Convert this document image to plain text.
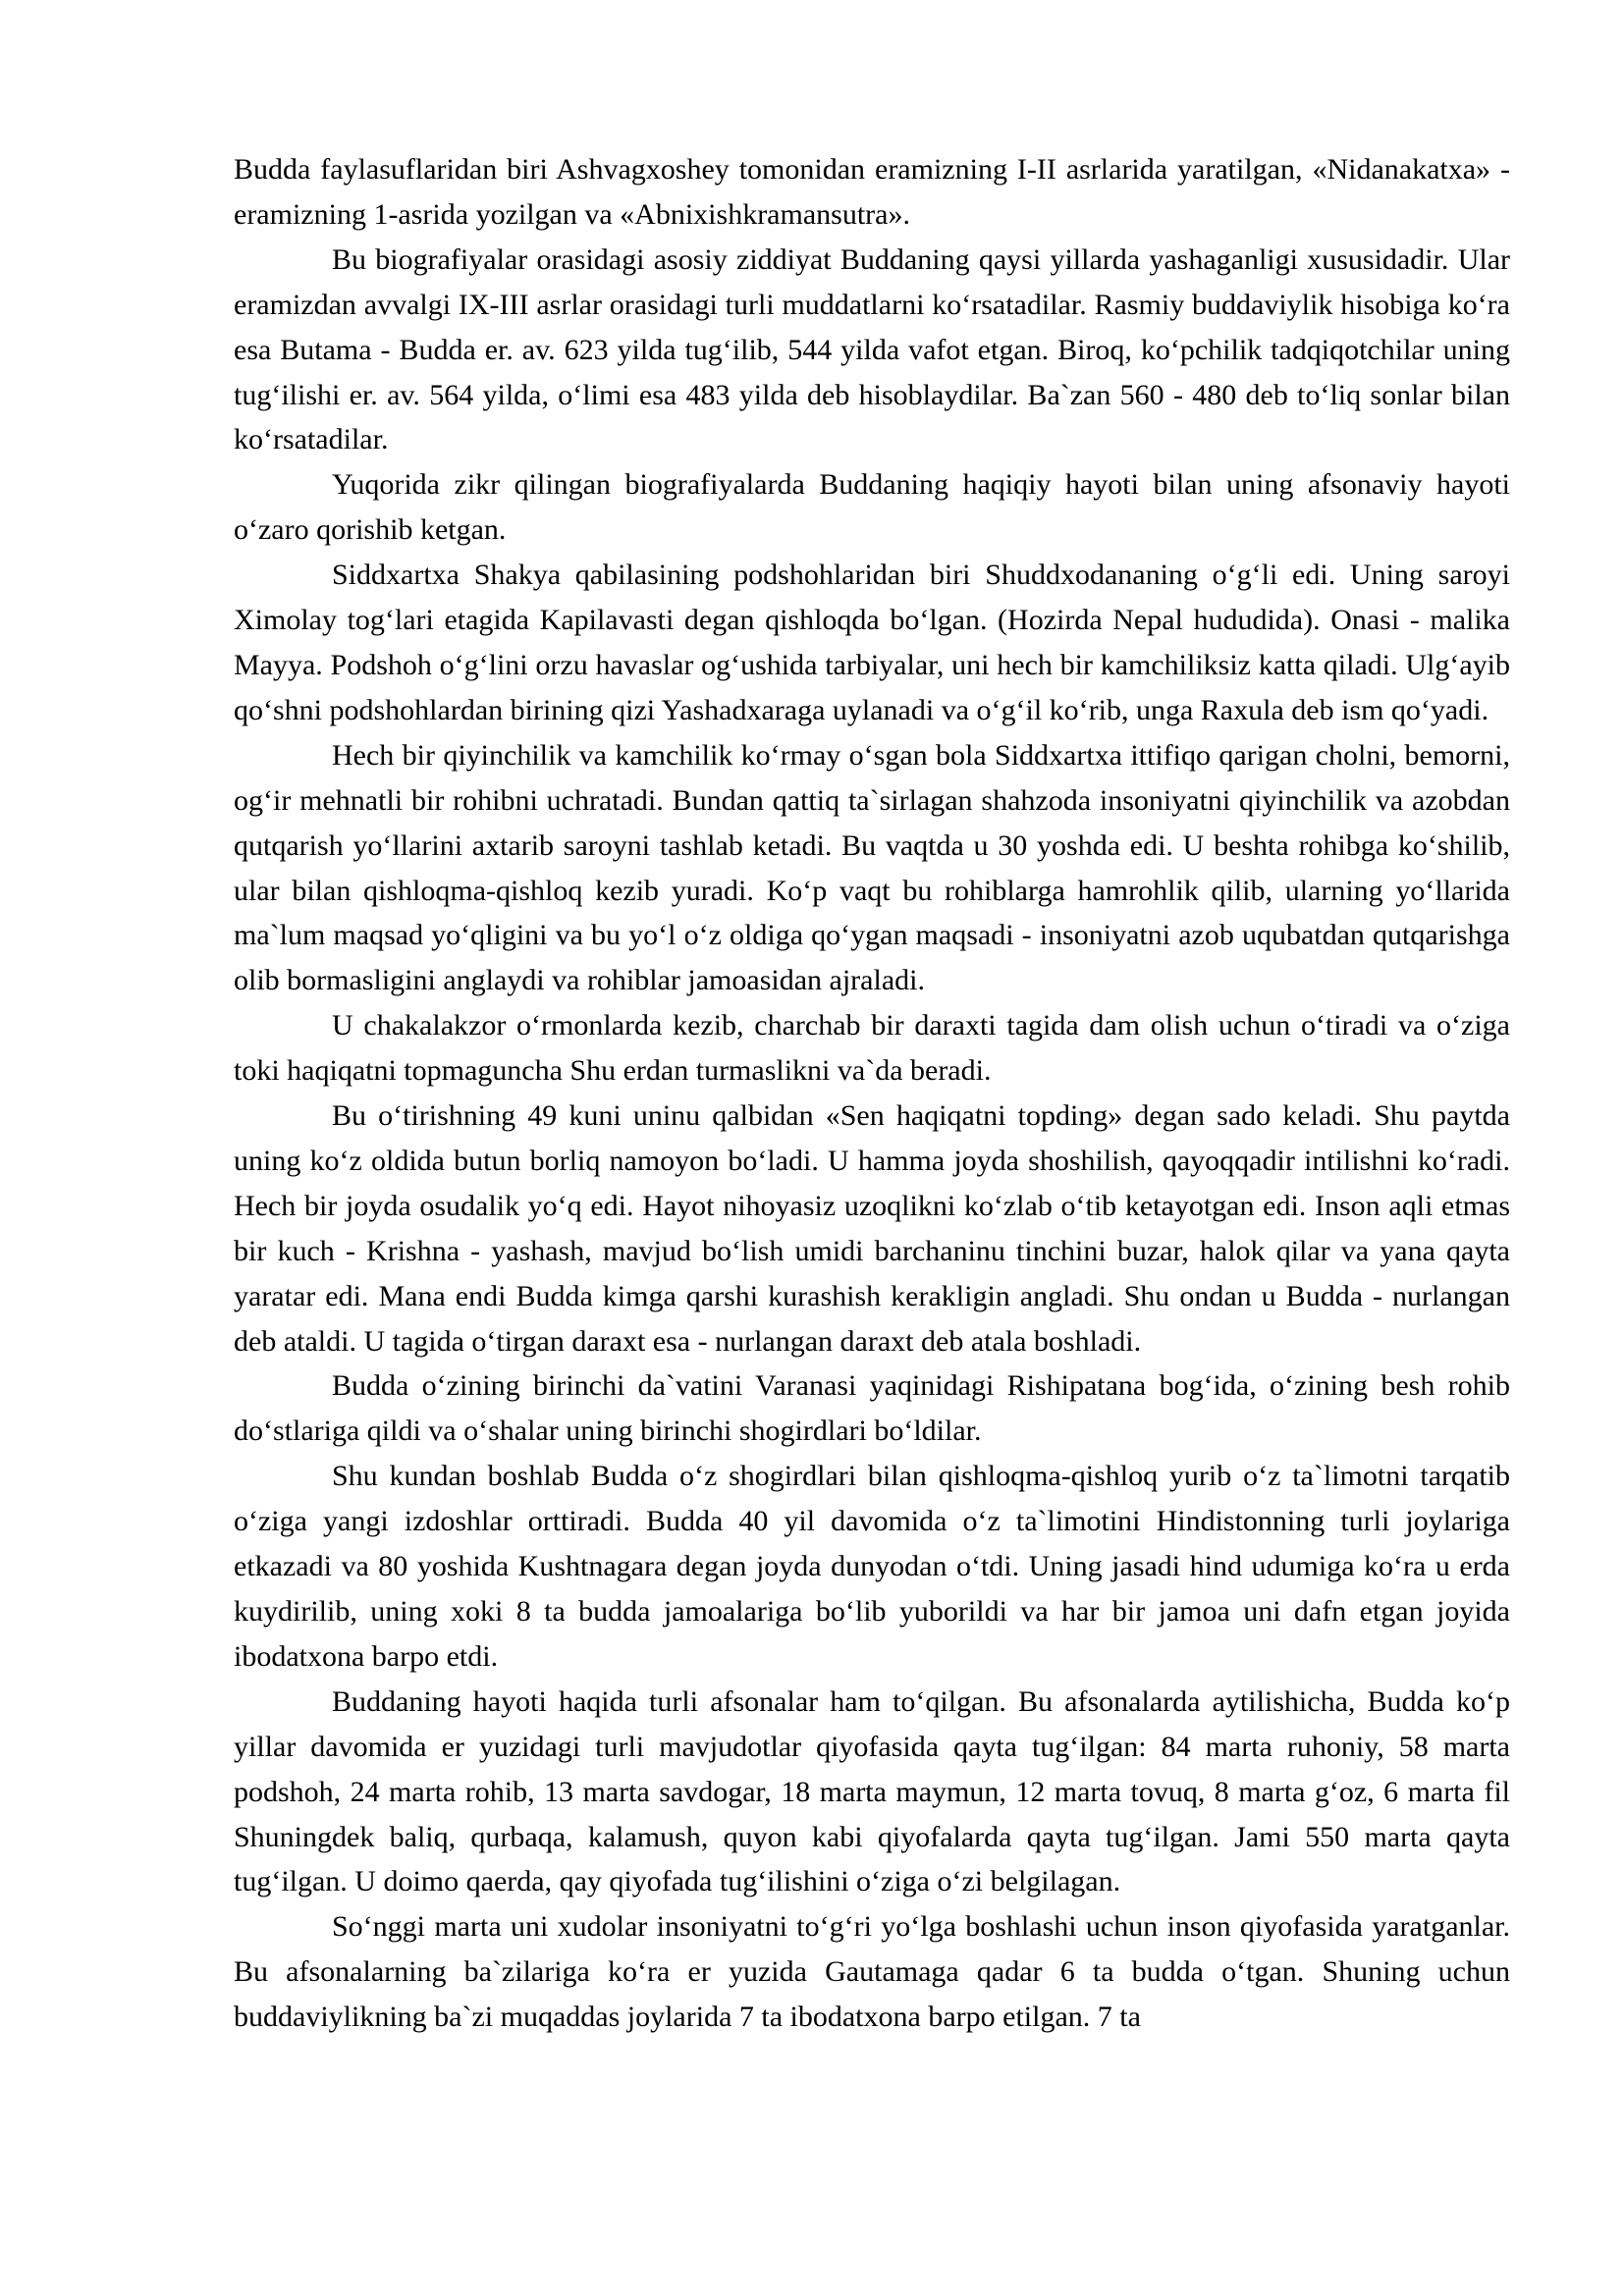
Budda faylasuflaridan biri Ashvagxoshey tomonidan eramizning I-II asrlarida yaratilgan, «Nidanakatxa» - eramizning 1-asrida yozilgan va «Abnixishkramansutra».

Bu biografiyalar orasidagi asosiy ziddiyat Buddaning qaysi yillarda yashaganligi xususidadir. Ular eramizdan avvalgi IX-III asrlar orasidagi turli muddatlarni ko‘rsatadilar. Rasmiy buddaviylik hisobiga ko‘ra esa Butama - Budda er. av. 623 yilda tug‘ilib, 544 yilda vafot etgan. Biroq, ko‘pchilik tadqiqotchilar uning tug‘ilishi er. av. 564 yilda, o‘limi esa 483 yilda deb hisoblaydilar. Ba`zan 560 - 480 deb to‘liq sonlar bilan ko‘rsatadilar.

Yuqorida zikr qilingan biografiyalarda Buddaning haqiqiy hayoti bilan uning afsonaviy hayoti o‘zaro qorishib ketgan.

Siddxartxa Shakya qabilasining podshohlaridan biri Shuddxodananing o‘g‘li edi. Uning saroyi Ximolay tog‘lari etagida Kapilavasti degan qishloqda bo‘lgan. (Hozirda Nepal hududida). Onasi - malika Mayya. Podshoh o‘g‘lini orzu havaslar og‘ushida tarbiyalar, uni hech bir kamchiliksiz katta qiladi. Ulg‘ayib qo‘shni podshohlardan birining qizi Yashadxaraga uylanadi va o‘g‘il ko‘rib, unga Raxula deb ism qo‘yadi.

Hech bir qiyinchilik va kamchilik ko‘rmay o‘sgan bola Siddxartxa ittifiqo qarigan cholni, bemorni, og‘ir mehnatli bir rohibni uchratadi. Bundan qattiq ta`sirlagan shahzoda insoniyatni qiyinchilik va azobdan qutqarish yo‘llarini axtarib saroyni tashlab ketadi. Bu vaqtda u 30 yoshda edi. U beshta rohibga ko‘shilib, ular bilan qishloqma-qishloq kezib yuradi. Ko‘p vaqt bu rohiblarga hamrohlik qilib, ularning yo‘llarida ma`lum maqsad yo‘qligini va bu yo‘l o‘z oldiga qo‘ygan maqsadi - insoniyatni azob uqubatdan qutqarishga olib bormasligini anglaydi va rohiblar jamoasidan ajraladi.

U chakalakzor o‘rmonlarda kezib, charchab bir daraxti tagida dam olish uchun o‘tiradi va o‘ziga toki haqiqatni topmaguncha Shu erdan turmaslikni va`da beradi.

Bu o‘tirishning 49 kuni uninu qalbidan «Sen haqiqatni topding» degan sado keladi. Shu paytda uning ko‘z oldida butun borliq namoyon bo‘ladi. U hamma joyda shoshilish, qayoqqadir intilishni ko‘radi. Hech bir joyda osudalik yo‘q edi. Hayot nihoyasiz uzoqlikni ko‘zlab o‘tib ketayotgan edi. Inson aqli etmas bir kuch - Krishna - yashash, mavjud bo‘lish umidi barchaninu tinchini buzar, halok qilar va yana qayta yaratar edi. Mana endi Budda kimga qarshi kurashish kerakligin angladi. Shu ondan u Budda - nurlangan deb ataldi. U tagida o‘tirgan daraxt esa - nurlangan daraxt deb atala boshladi.

Budda o‘zining birinchi da`vatini Varanasi yaqinidagi Rishipatana bog‘ida, o‘zining besh rohib do‘stlariga qildi va o‘shalar uning birinchi shogirdlari bo‘ldilar.

Shu kundan boshlab Budda o‘z shogirdlari bilan qishloqma-qishloq yurib o‘z ta`limotni tarqatib o‘ziga yangi izdoshlar orttiradi. Budda 40 yil davomida o‘z ta`limotini Hindistonning turli joylariga etkazadi va 80 yoshida Kushtnagara degan joyda dunyodan o‘tdi. Uning jasadi hind udumiga ko‘ra u erda kuydirilib, uning xoki 8 ta budda jamoalariga bo‘lib yuborildi va har bir jamoa uni dafn etgan joyida ibodatxona barpo etdi.

Buddaning hayoti haqida turli afsonalar ham to‘qilgan. Bu afsonalarda aytilishicha, Budda ko‘p yillar davomida er yuzidagi turli mavjudotlar qiyofasida qayta tug‘ilgan: 84 marta ruhoniy, 58 marta podshoh, 24 marta rohib, 13 marta savdogar, 18 marta maymun, 12 marta tovuq, 8 marta g‘oz, 6 marta fil Shuningdek baliq, qurbaqa, kalamush, quyon kabi qiyofalarda qayta tug‘ilgan. Jami 550 marta qayta tug‘ilgan. U doimo qaerda, qay qiyofada tug‘ilishini o‘ziga o‘zi belgilagan.

So‘nggi marta uni xudolar insoniyatni to‘g‘ri yo‘lga boshlashi uchun inson qiyofasida yaratganlar. Bu afsonalarning ba`zilariga ko‘ra er yuzida Gautamaga qadar 6 ta budda o‘tgan. Shuning uchun buddaviylikning ba`zi muqaddas joylarida 7 ta ibodatxona barpo etilgan. 7 ta
